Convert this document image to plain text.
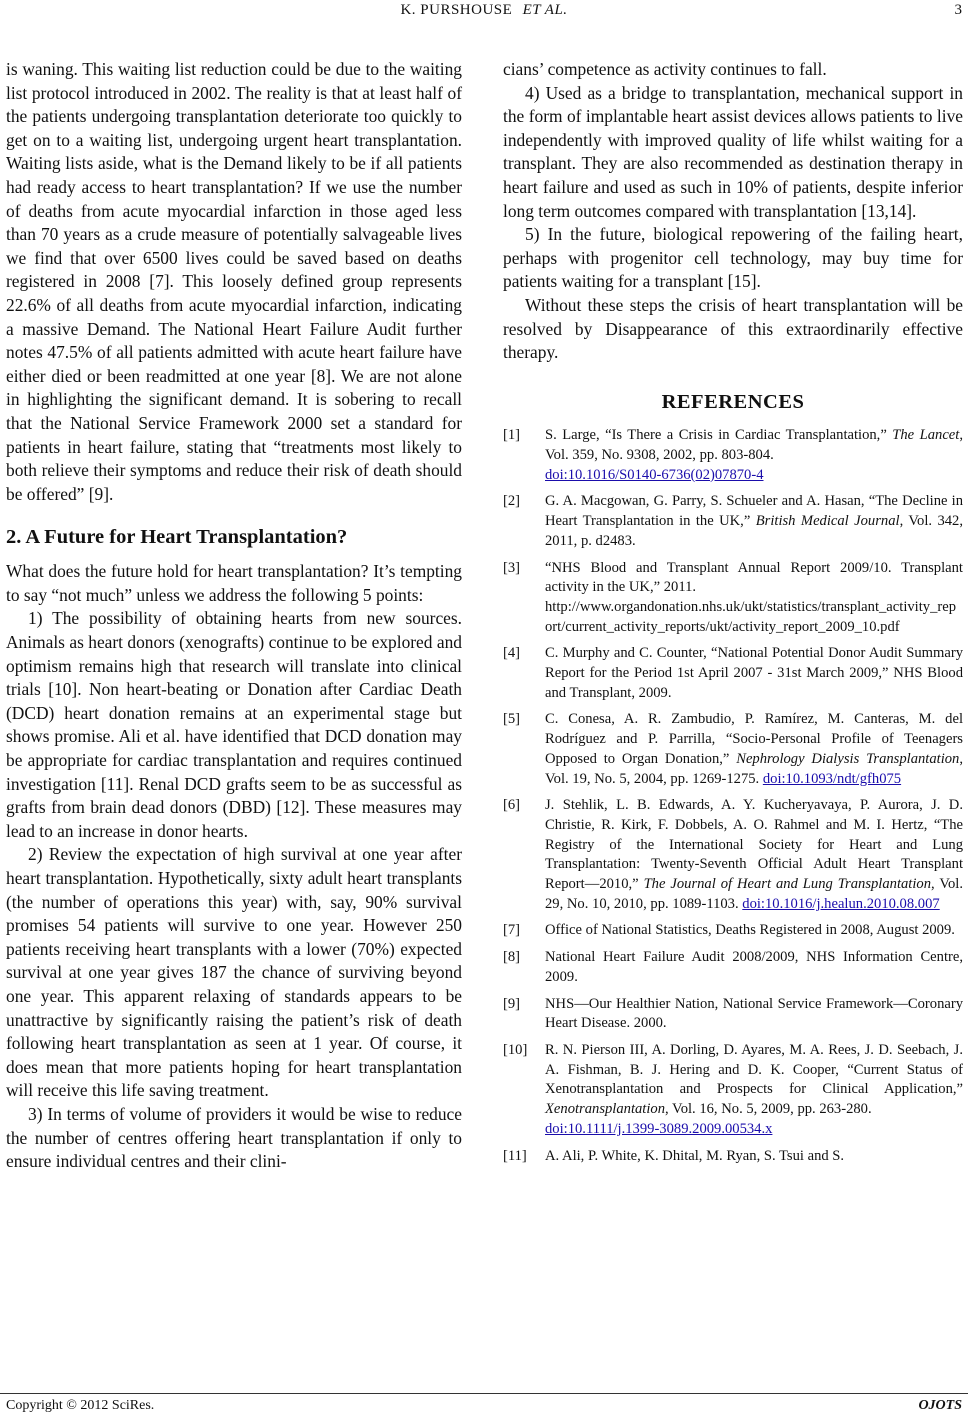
K. PURSHOUSE ET AL.	3

is waning. This waiting list reduction could be due to the waiting list protocol introduced in 2002. The reality is that at least half of the patients undergoing transplantation deteriorate too quickly to get on to a waiting list, undergoing urgent heart transplantation. Waiting lists aside, what is the Demand likely to be if all patients had ready access to heart transplantation? If we use the number of deaths from acute myocardial infarction in those aged less than 70 years as a crude measure of potentially salvageable lives we find that over 6500 lives could be saved based on deaths registered in 2008 [7]. This loosely defined group represents 22.6% of all deaths from acute myocardial infarction, indicating a massive Demand. The National Heart Failure Audit further notes 47.5% of all patients admitted with acute heart failure have either died or been readmitted at one year [8]. We are not alone in highlighting the significant demand. It is sobering to recall that the National Service Framework 2000 set a standard for patients in heart failure, stating that “treatments most likely to both relieve their symptoms and reduce their risk of death should be offered” [9].

2. A Future for Heart Transplantation?

What does the future hold for heart transplantation? It’s tempting to say “not much” unless we address the following 5 points:

1) The possibility of obtaining hearts from new sources. Animals as heart donors (xenografts) continue to be explored and optimism remains high that research will translate into clinical trials [10]. Non heart-beating or Donation after Cardiac Death (DCD) heart donation remains at an experimental stage but shows promise. Ali et al. have identified that DCD donation may be appropriate for cardiac transplantation and requires continued investigation [11]. Renal DCD grafts seem to be as successful as grafts from brain dead donors (DBD) [12]. These measures may lead to an increase in donor hearts.

2) Review the expectation of high survival at one year after heart transplantation. Hypothetically, sixty adult heart transplants (the number of operations this year) with, say, 90% survival promises 54 patients will survive to one year. However 250 patients receiving heart transplants with a lower (70%) expected survival at one year gives 187 the chance of surviving beyond one year. This apparent relaxing of standards appears to be unattractive by significantly raising the patient’s risk of death following heart transplantation as seen at 1 year. Of course, it does mean that more patients hoping for heart transplantation will receive this life saving treatment.

3) In terms of volume of providers it would be wise to reduce the number of centres offering heart transplantation if only to ensure individual centres and their clini-

cians’ competence as activity continues to fall.

4) Used as a bridge to transplantation, mechanical support in the form of implantable heart assist devices allows patients to live independently with improved quality of life whilst waiting for a transplant. They are also recommended as destination therapy in heart failure and used as such in 10% of patients, despite inferior long term outcomes compared with transplantation [13,14].

5) In the future, biological repowering of the failing heart, perhaps with progenitor cell technology, may buy time for patients waiting for a transplant [15].

Without these steps the crisis of heart transplantation will be resolved by Disappearance of this extraordinarily effective therapy.

REFERENCES
[1]	S. Large, “Is There a Crisis in Cardiac Transplantation,” The Lancet, Vol. 359, No. 9308, 2002, pp. 803-804.
doi:10.1016/S0140-6736(02)07870-4
[2]	G. A. Macgowan, G. Parry, S. Schueler and A. Hasan, “The Decline in Heart Transplantation in the UK,” British Medical Journal, Vol. 342, 2011, p. d2483.
[3]	“NHS Blood and Transplant Annual Report 2009/10. Transplant activity in the UK,” 2011.
http://www.organdonation.nhs.uk/ukt/statistics/transplant_activity_report/current_activity_reports/ukt/activity_report_2009_10.pdf
[4]	C. Murphy and C. Counter, “National Potential Donor Audit Summary Report for the Period 1st April 2007 - 31st March 2009,” NHS Blood and Transplant, 2009.
[5]	C. Conesa, A. R. Zambudio, P. Ramírez, M. Canteras, M. del Rodríguez and P. Parrilla, “Socio-Personal Profile of Teenagers Opposed to Organ Donation,” Nephrology Dialysis Transplantation, Vol. 19, No. 5, 2004, pp. 1269-1275. doi:10.1093/ndt/gfh075
[6]	J. Stehlik, L. B. Edwards, A. Y. Kucheryavaya, P. Aurora, J. D. Christie, R. Kirk, F. Dobbels, A. O. Rahmel and M. I. Hertz, “The Registry of the International Society for Heart and Lung Transplantation: Twenty-Seventh Official Adult Heart Transplant Report—2010,” The Journal of Heart and Lung Transplantation, Vol. 29, No. 10, 2010, pp. 1089-1103. doi:10.1016/j.healun.2010.08.007
[7]	Office of National Statistics, Deaths Registered in 2008, August 2009.
[8]	National Heart Failure Audit 2008/2009, NHS Information Centre, 2009.
[9]	NHS—Our Healthier Nation, National Service Framework—Coronary Heart Disease. 2000.
[10]	R. N. Pierson III, A. Dorling, D. Ayares, M. A. Rees, J. D. Seebach, J. A. Fishman, B. J. Hering and D. K. Cooper, “Current Status of Xenotransplantation and Prospects for Clinical Application,” Xenotransplantation, Vol. 16, No. 5, 2009, pp. 263-280.
doi:10.1111/j.1399-3089.2009.00534.x
[11]	A. Ali, P. White, K. Dhital, M. Ryan, S. Tsui and S.
Copyright © 2012 SciRes.	OJOTS
